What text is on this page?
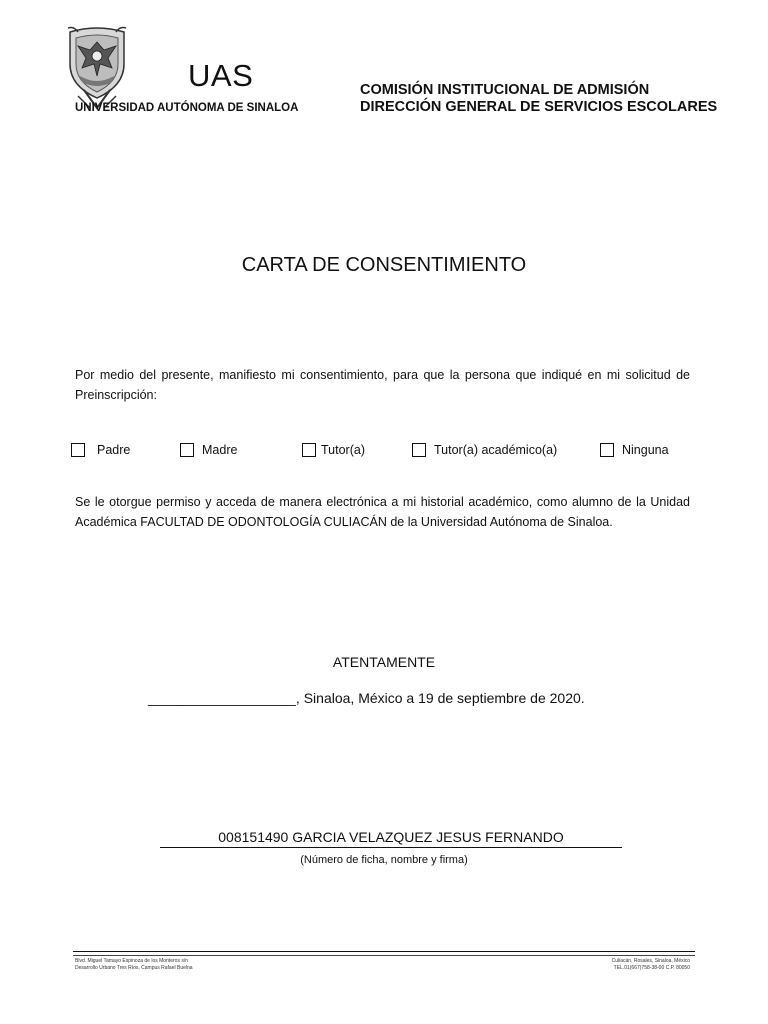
UAS
UNIVERSIDAD AUTÓNOMA DE SINALOA
COMISIÓN INSTITUCIONAL DE ADMISIÓN
DIRECCIÓN GENERAL DE SERVICIOS ESCOLARES
CARTA DE CONSENTIMIENTO
Por medio del presente, manifiesto mi consentimiento, para que la persona que indiqué en mi solicitud de Preinscripción:
Padre	Madre	Tutor(a)	Tutor(a) académico(a)	Ninguna
Se le otorgue permiso y acceda de manera electrónica a mi historial académico, como alumno de la Unidad Académica FACULTAD DE ODONTOLOGÍA CULIACÁN de la Universidad Autónoma de Sinaloa.
ATENTAMENTE
___________________, Sinaloa, México a 19 de septiembre de 2020.
008151490 GARCIA VELAZQUEZ JESUS FERNANDO
(Número de ficha, nombre y firma)
Blvd. Miguel Tamayo Espinoza de los Monteros s/n
Desarrollo Urbano Tres Ríos, Campus Rafael Buelna
Culiacán, Rosales, Sinaloa, México
TEL.01(667)758-38-00 C.P. 80050
